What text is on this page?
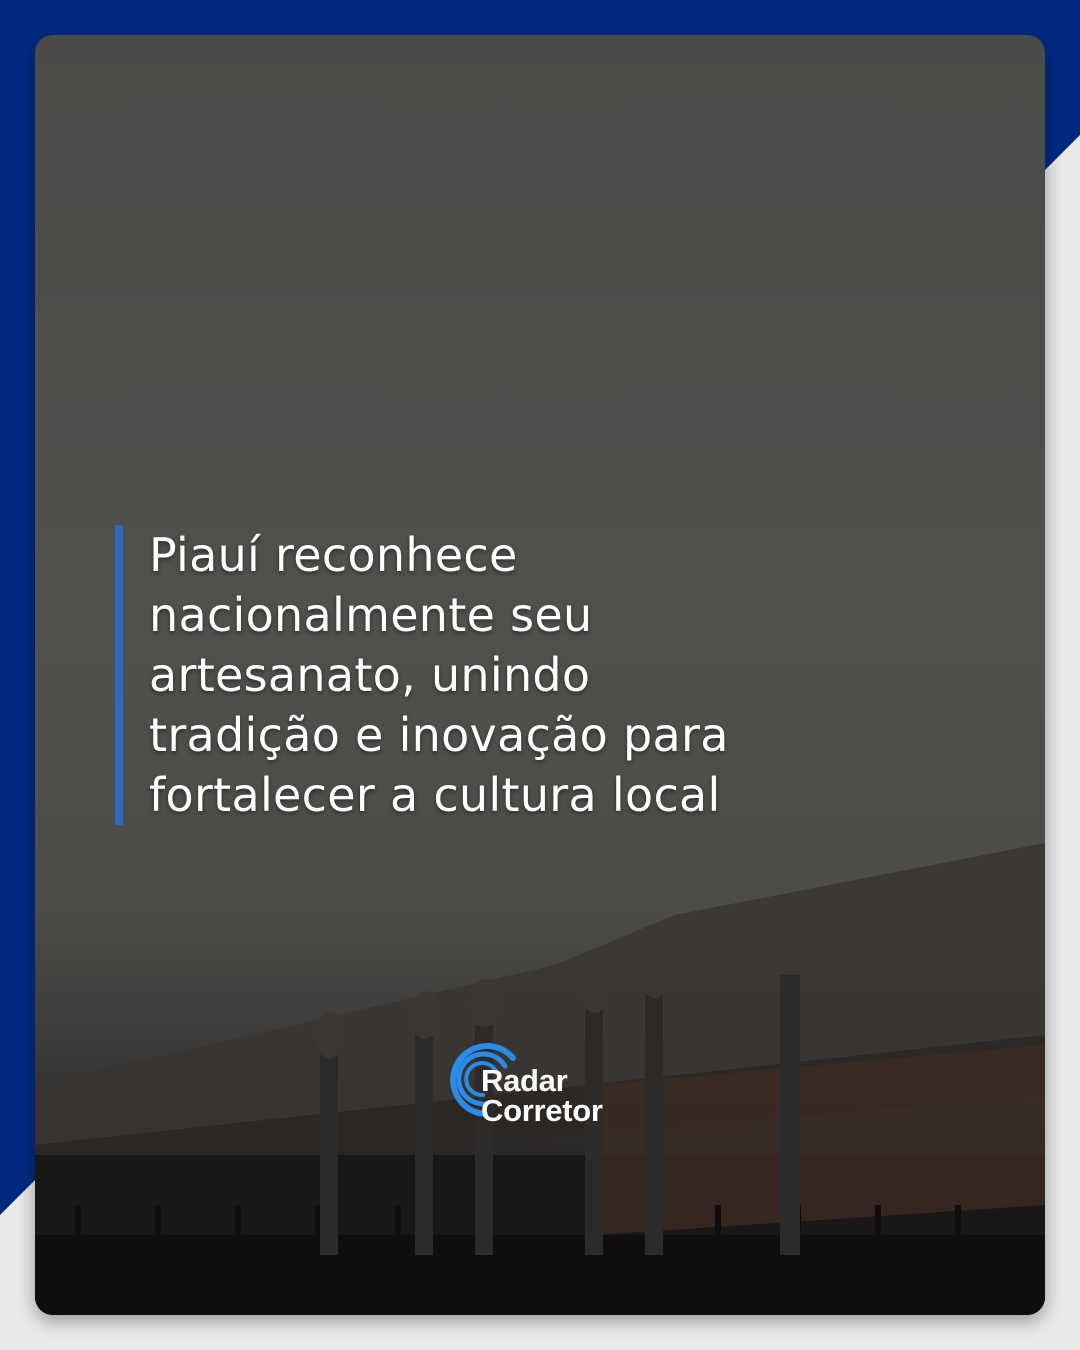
Piauí reconhece nacionalmente seu artesanato, unindo tradição e inovação para fortalecer a cultura local
Radar
Corretor
